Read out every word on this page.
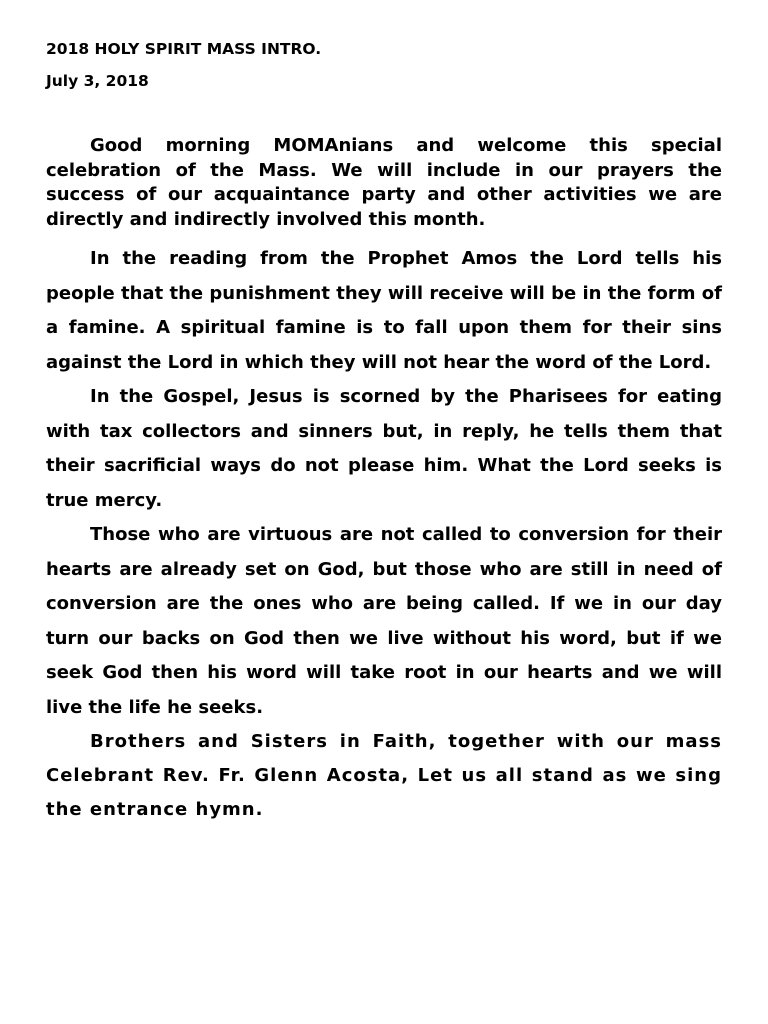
2018 HOLY SPIRIT MASS INTRO.

July 3, 2018

Good morning MOMAnians and welcome this special celebration of the Mass. We will include in our prayers the success of our acquaintance party and other activities we are directly and indirectly involved this month.

In the reading from the Prophet Amos the Lord tells his people that the punishment they will receive will be in the form of a famine. A spiritual famine is to fall upon them for their sins against the Lord in which they will not hear the word of the Lord.

In the Gospel, Jesus is scorned by the Pharisees for eating with tax collectors and sinners but, in reply, he tells them that their sacrificial ways do not please him. What the Lord seeks is true mercy.

Those who are virtuous are not called to conversion for their hearts are already set on God, but those who are still in need of conversion are the ones who are being called. If we in our day turn our backs on God then we live without his word, but if we seek God then his word will take root in our hearts and we will live the life he seeks.

Brothers and Sisters in Faith, together with our mass Celebrant Rev. Fr. Glenn Acosta, Let us all stand as we sing the entrance hymn.
